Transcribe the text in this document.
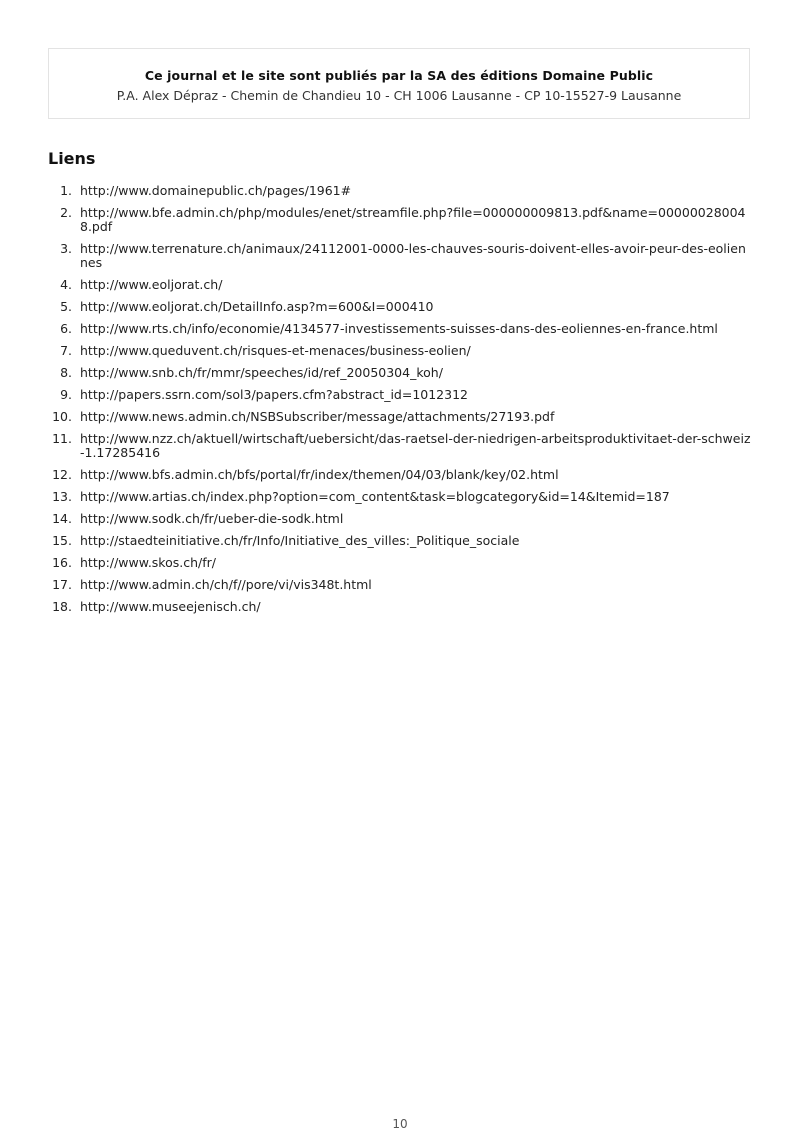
Ce journal et le site sont publiés par la SA des éditions Domaine Public
P.A. Alex Dépraz - Chemin de Chandieu 10 - CH 1006 Lausanne - CP 10-15527-9 Lausanne
Liens
1. http://www.domainepublic.ch/pages/1961#
2. http://www.bfe.admin.ch/php/modules/enet/streamfile.php?file=000000009813.pdf&name=000000280048.pdf
3. http://www.terrenature.ch/animaux/24112001-0000-les-chauves-souris-doivent-elles-avoir-peur-des-eoliennes
4. http://www.eoljorat.ch/
5. http://www.eoljorat.ch/DetailInfo.asp?m=600&I=000410
6. http://www.rts.ch/info/economie/4134577-investissements-suisses-dans-des-eoliennes-en-france.html
7. http://www.queduvent.ch/risques-et-menaces/business-eolien/
8. http://www.snb.ch/fr/mmr/speeches/id/ref_20050304_koh/
9. http://papers.ssrn.com/sol3/papers.cfm?abstract_id=1012312
10. http://www.news.admin.ch/NSBSubscriber/message/attachments/27193.pdf
11. http://www.nzz.ch/aktuell/wirtschaft/uebersicht/das-raetsel-der-niedrigen-arbeitsproduktivitaet-der-schweiz-1.17285416
12. http://www.bfs.admin.ch/bfs/portal/fr/index/themen/04/03/blank/key/02.html
13. http://www.artias.ch/index.php?option=com_content&task=blogcategory&id=14&Itemid=187
14. http://www.sodk.ch/fr/ueber-die-sodk.html
15. http://staedteinitiative.ch/fr/Info/Initiative_des_villes:_Politique_sociale
16. http://www.skos.ch/fr/
17. http://www.admin.ch/ch/f//pore/vi/vis348t.html
18. http://www.museejenisch.ch/
10
